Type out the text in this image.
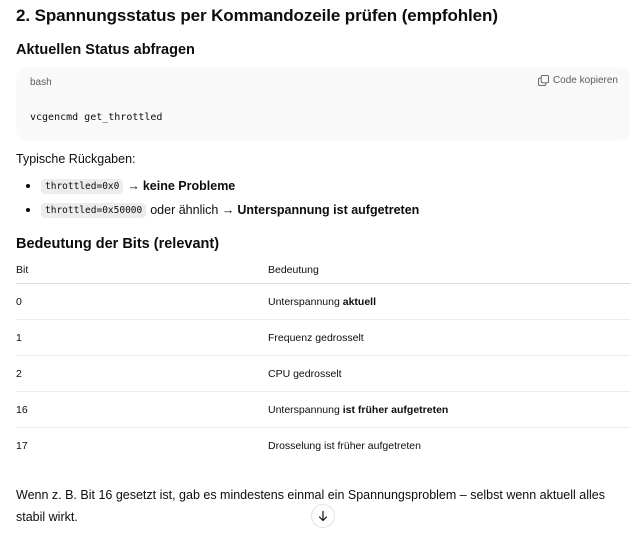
2. Spannungsstatus per Kommandozeile prüfen (empfohlen)
Aktuellen Status abfragen
bash	Code kopieren
vcgencmd get_throttled
Typische Rückgaben:
throttled=0x0 → keine Probleme
throttled=0x50000 oder ähnlich
→ Unterspannung ist aufgetreten
Bedeutung der Bits (relevant)
Bit	Bedeutung
0	Unterspannung aktuell
1	Frequenz gedrosselt
2	CPU gedrosselt
16	Unterspannung ist früher aufgetreten
17	Drosselung ist früher aufgetreten
Wenn z. B. Bit 16 gesetzt ist, gab es mindestens einmal ein Spannungsproblem – selbst wenn aktuell alles stabil wirkt.
